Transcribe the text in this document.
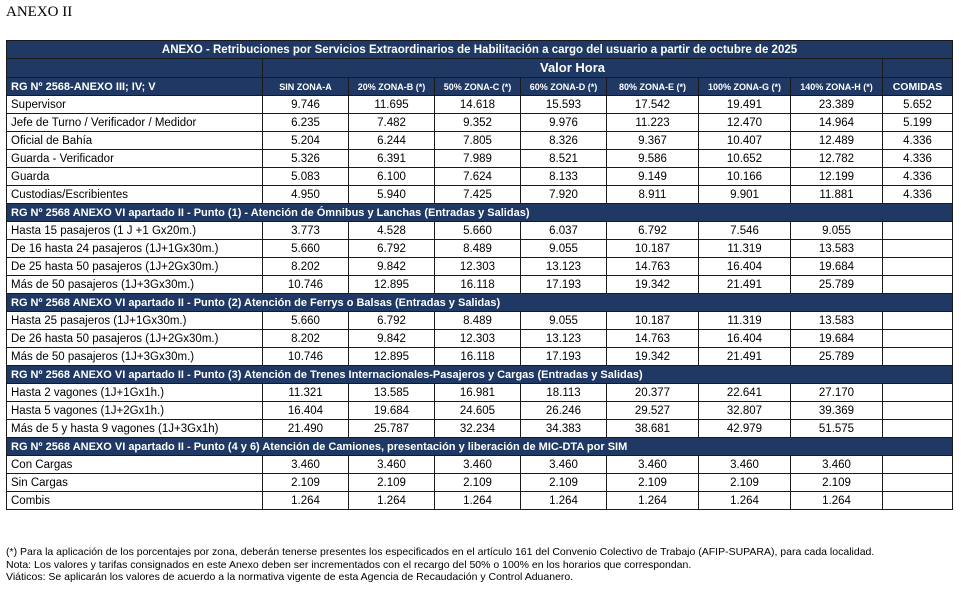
ANEXO II
ANEXO - Retribuciones por Servicios Extraordinarios de Habilitación a cargo del usuario a partir de octubre de 2025								
	Valor Hora							
RG Nº 2568-ANEXO III; IV; V	SIN ZONA-A	20% ZONA-B (*)	50% ZONA-C (*)	60% ZONA-D (*)	80% ZONA-E (*)	100% ZONA-G (*)	140% ZONA-H (*)	COMIDAS
Supervisor	9.746	11.695	14.618	15.593	17.542	19.491	23.389	5.652
Jefe de Turno / Verificador / Medidor	6.235	7.482	9.352	9.976	11.223	12.470	14.964	5.199
Oficial de Bahía	5.204	6.244	7.805	8.326	9.367	10.407	12.489	4.336
Guarda - Verificador	5.326	6.391	7.989	8.521	9.586	10.652	12.782	4.336
Guarda	5.083	6.100	7.624	8.133	9.149	10.166	12.199	4.336
Custodias/Escribientes	4.950	5.940	7.425	7.920	8.911	9.901	11.881	4.336
RG Nº 2568 ANEXO VI apartado II - Punto (1) - Atención de Ómnibus y Lanchas (Entradas y Salidas)								
Hasta 15 pasajeros (1 J +1 Gx20m.)	3.773	4.528	5.660	6.037	6.792	7.546	9.055	
De 16 hasta 24 pasajeros (1J+1Gx30m.)	5.660	6.792	8.489	9.055	10.187	11.319	13.583	
De 25 hasta 50 pasajeros (1J+2Gx30m.)	8.202	9.842	12.303	13.123	14.763	16.404	19.684	
Más de 50 pasajeros (1J+3Gx30m.)	10.746	12.895	16.118	17.193	19.342	21.491	25.789	
RG Nº 2568 ANEXO VI apartado II - Punto (2) Atención de Ferrys o Balsas (Entradas y Salidas)								
Hasta 25 pasajeros (1J+1Gx30m.)	5.660	6.792	8.489	9.055	10.187	11.319	13.583	
De 26 hasta 50 pasajeros (1J+2Gx30m.)	8.202	9.842	12.303	13.123	14.763	16.404	19.684	
Más de 50 pasajeros (1J+3Gx30m.)	10.746	12.895	16.118	17.193	19.342	21.491	25.789	
RG Nº 2568 ANEXO VI apartado II - Punto (3) Atención de Trenes Internacionales-Pasajeros y Cargas (Entradas y Salidas)								
Hasta 2 vagones (1J+1Gx1h.)	11.321	13.585	16.981	18.113	20.377	22.641	27.170	
Hasta 5 vagones (1J+2Gx1h.)	16.404	19.684	24.605	26.246	29.527	32.807	39.369	
Más de 5 y hasta 9 vagones (1J+3Gx1h)	21.490	25.787	32.234	34.383	38.681	42.979	51.575	
RG Nº 2568 ANEXO VI apartado II - Punto (4 y 6) Atención de Camiones, presentación y liberación de MIC-DTA por SIM								
Con Cargas	3.460	3.460	3.460	3.460	3.460	3.460	3.460	
Sin Cargas	2.109	2.109	2.109	2.109	2.109	2.109	2.109	
Combis	1.264	1.264	1.264	1.264	1.264	1.264	1.264	

(*) Para la aplicación de los porcentajes por zona, deberán tenerse presentes los especificados en el artículo 161 del Convenio Colectivo de Trabajo (AFIP-SUPARA), para cada localidad.

Nota: Los valores y tarifas consignados en este Anexo deben ser incrementados con el recargo del 50% o 100% en los horarios que correspondan.

Viáticos: Se aplicarán los valores de acuerdo a la normativa vigente de esta Agencia de Recaudación y Control Aduanero.
